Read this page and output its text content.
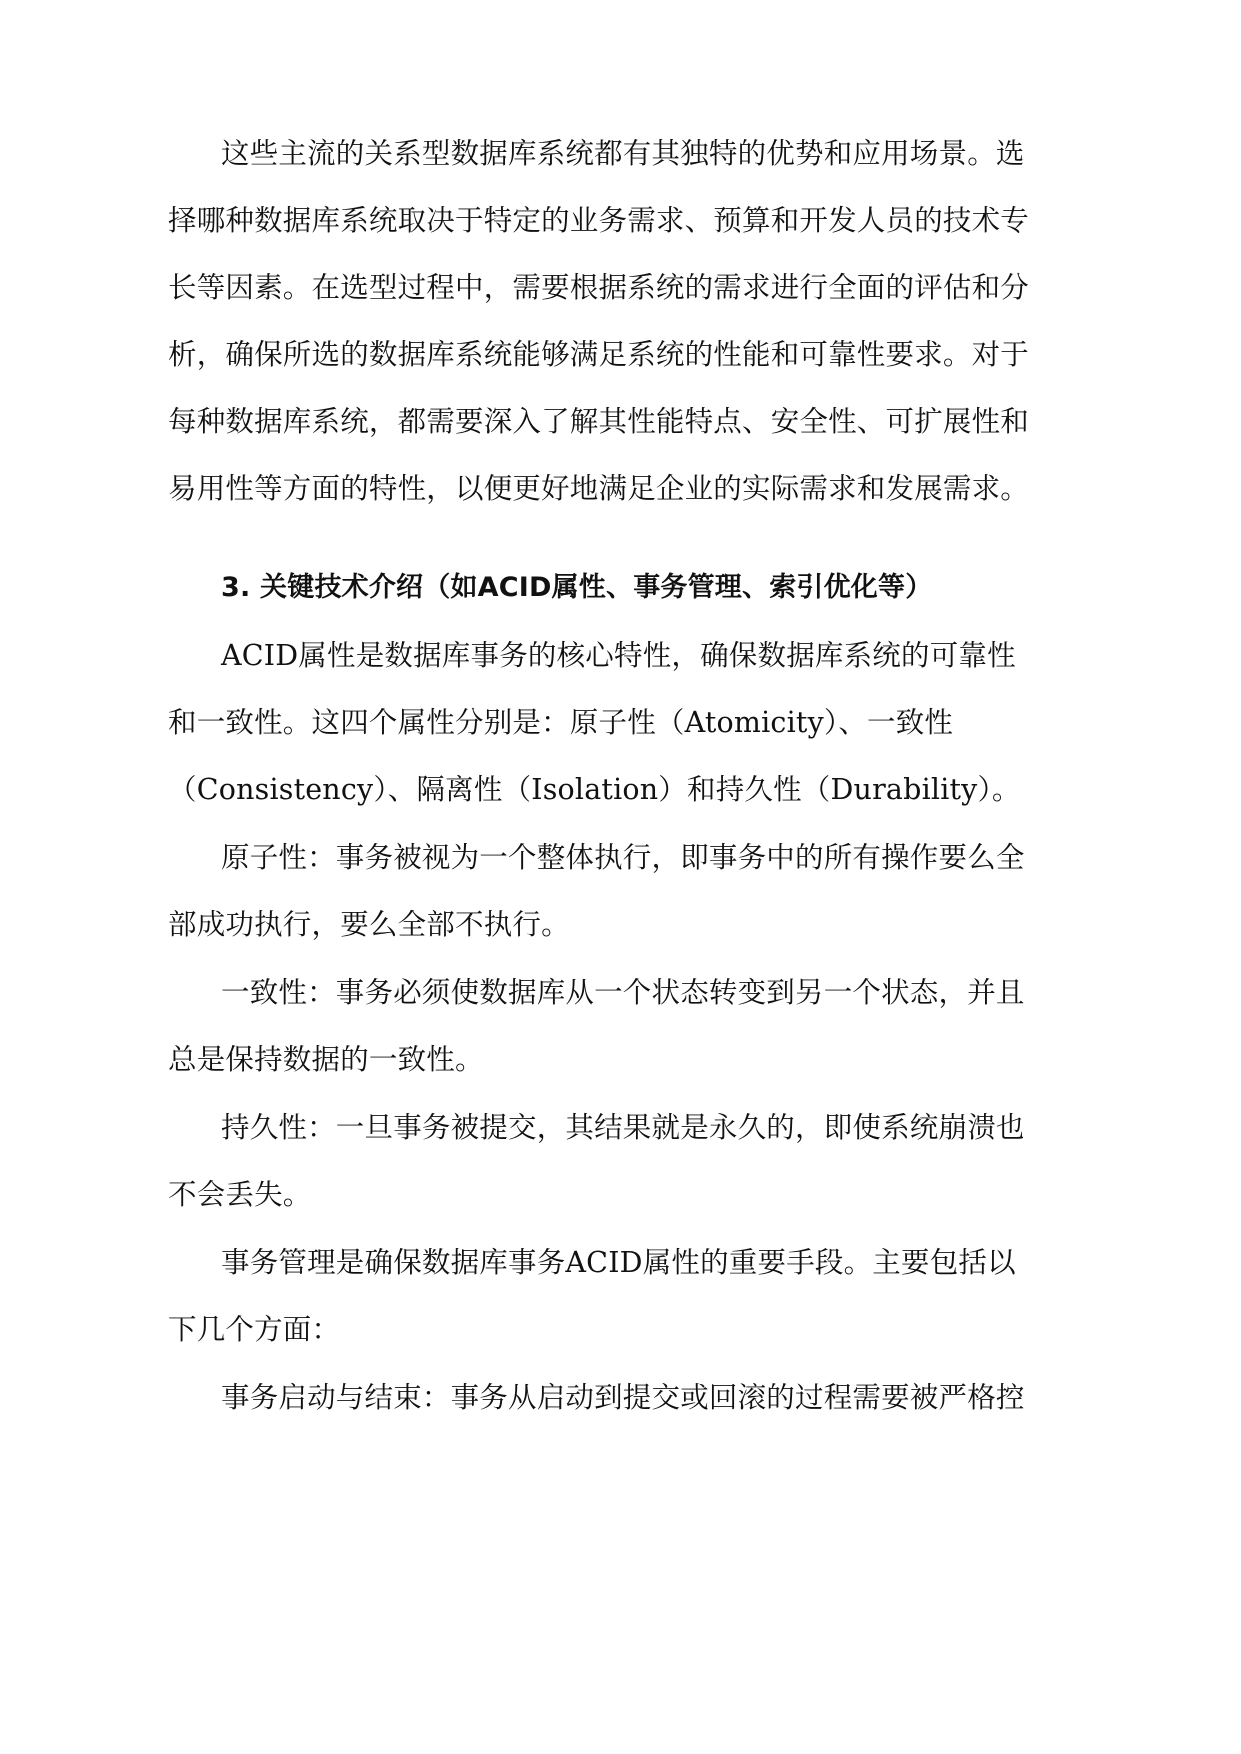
这些主流的关系型数据库系统都有其独特的优势和应用场景。选
择哪种数据库系统取决于特定的业务需求、预算和开发人员的技术专
长等因素。在选型过程中，需要根据系统的需求进行全面的评估和分
析，确保所选的数据库系统能够满足系统的性能和可靠性要求。对于
每种数据库系统，都需要深入了解其性能特点、安全性、可扩展性和
易用性等方面的特性，以便更好地满足企业的实际需求和发展需求。
3. 关键技术介绍（如ACID属性、事务管理、索引优化等）
ACID属性是数据库事务的核心特性，确保数据库系统的可靠性
和一致性。这四个属性分别是：原子性（Atomicity）、一致性
（Consistency）、隔离性（Isolation）和持久性（Durability）。
原子性：事务被视为一个整体执行，即事务中的所有操作要么全
部成功执行，要么全部不执行。
一致性：事务必须使数据库从一个状态转变到另一个状态，并且
总是保持数据的一致性。
持久性：一旦事务被提交，其结果就是永久的，即使系统崩溃也
不会丢失。
事务管理是确保数据库事务ACID属性的重要手段。主要包括以
下几个方面：
事务启动与结束：事务从启动到提交或回滚的过程需要被严格控
